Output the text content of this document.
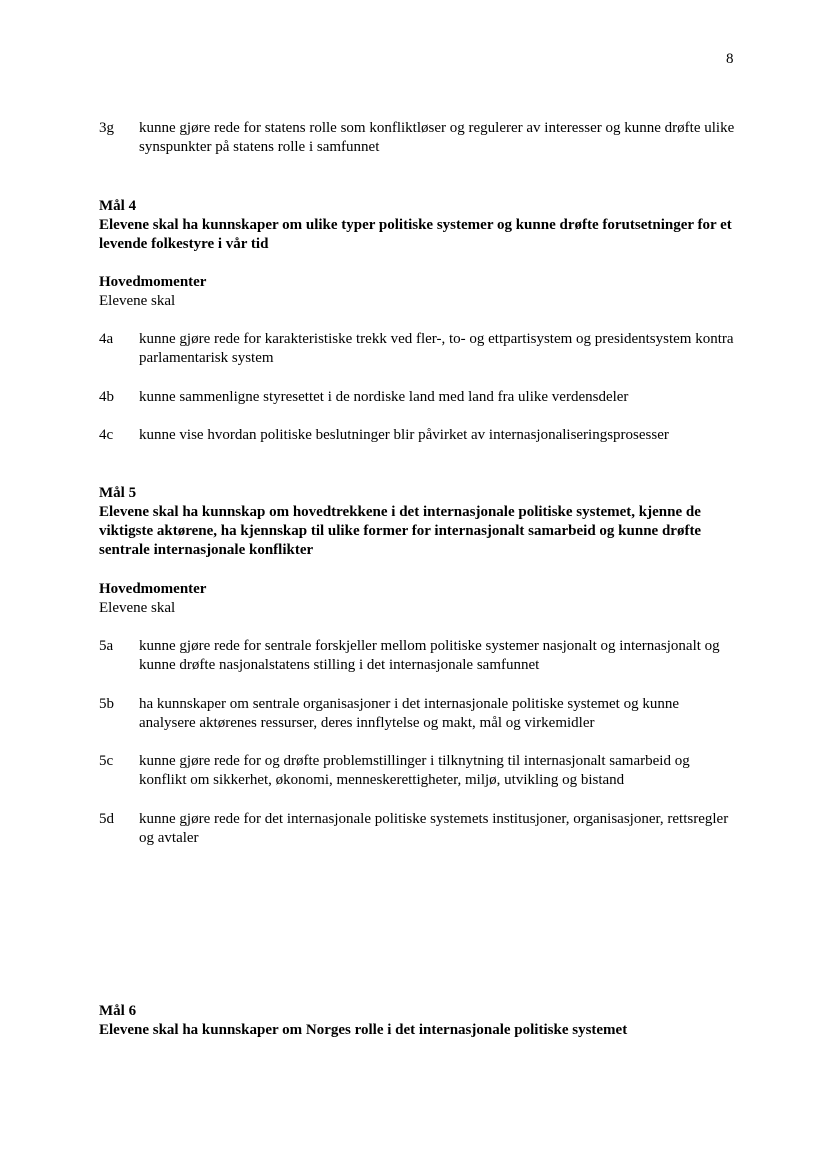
8
3g kunne gjøre rede for statens rolle som konfliktløser og regulerer av interesser og kunne drøfte ulike synspunkter på statens rolle i samfunnet
Mål 4
Elevene skal ha kunnskaper om ulike typer politiske systemer og kunne drøfte forutsetninger for et levende folkestyre i vår tid
Hovedmomenter
Elevene skal
4a kunne gjøre rede for karakteristiske trekk ved fler-, to- og ettpartisystem og presidentsystem kontra parlamentarisk system
4b kunne sammenligne styresettet i de nordiske land med land fra ulike verdensdeler
4c kunne vise hvordan politiske beslutninger blir påvirket av internasjonaliseringsprosesser
Mål 5
Elevene skal ha kunnskap om hovedtrekkene i det internasjonale politiske systemet, kjenne de viktigste aktørene, ha kjennskap til ulike former for internasjonalt samarbeid og kunne drøfte sentrale internasjonale konflikter
Hovedmomenter
Elevene skal
5a kunne gjøre rede for sentrale forskjeller mellom politiske systemer nasjonalt og internasjonalt og kunne drøfte nasjonalstatens stilling i det internasjonale samfunnet
5b ha kunnskaper om sentrale organisasjoner i det internasjonale politiske systemet og kunne analysere aktørenes ressurser, deres innflytelse og makt, mål og virkemidler
5c kunne gjøre rede for og drøfte problemstillinger i tilknytning til internasjonalt samarbeid og konflikt om sikkerhet, økonomi, menneskerettigheter, miljø, utvikling og bistand
5d kunne gjøre rede for det internasjonale politiske systemets institusjoner, organisasjoner, rettsregler og avtaler
Mål 6
Elevene skal ha kunnskaper om Norges rolle i det internasjonale politiske systemet
